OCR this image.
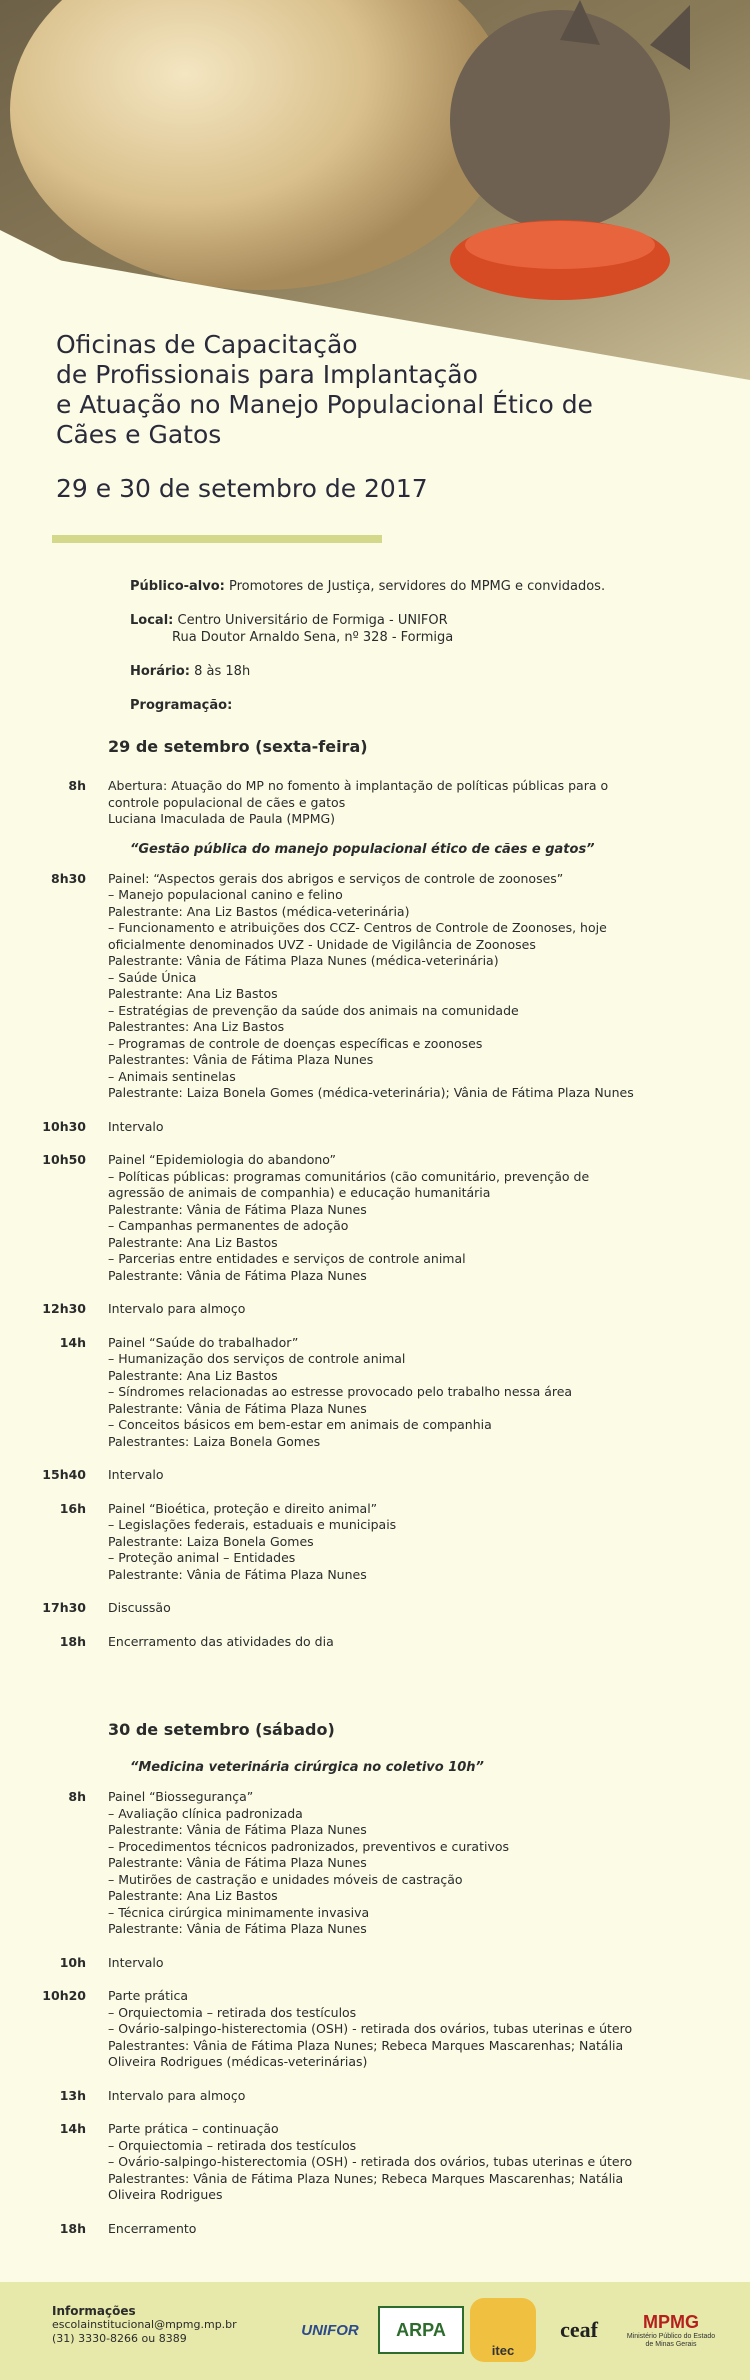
Oficinas de Capacitação
de Profissionais para Implantação
e Atuação no Manejo Populacional Ético de
Cães e Gatos
29 e 30 de setembro de 2017

Público-alvo: Promotores de Justiça, servidores do MPMG e convidados.

Local: Centro Universitário de Formiga - UNIFOR
Rua Doutor Arnaldo Sena, nº 328 - Formiga

Horário: 8 às 18h

Programação:

29 de setembro (sexta-feira)
8h	Abertura: Atuação do MP no fomento à implantação de políticas públicas para o
controle populacional de cães e gatos
Luciana Imaculada de Paula (MPMG)
“Gestão pública do manejo populacional ético de cães e gatos”
8h30	Painel: “Aspectos gerais dos abrigos e serviços de controle de zoonoses”
– Manejo populacional canino e felino
Palestrante: Ana Liz Bastos (médica-veterinária)
– Funcionamento e atribuições dos CCZ- Centros de Controle de Zoonoses, hoje
oficialmente denominados UVZ - Unidade de Vigilância de Zoonoses
Palestrante: Vânia de Fátima Plaza Nunes (médica-veterinária)
– Saúde Única
Palestrante: Ana Liz Bastos
– Estratégias de prevenção da saúde dos animais na comunidade
Palestrantes: Ana Liz Bastos
– Programas de controle de doenças específicas e zoonoses
Palestrantes: Vânia de Fátima Plaza Nunes
– Animais sentinelas
Palestrante: Laiza Bonela Gomes (médica-veterinária); Vânia de Fátima Plaza Nunes
10h30	Intervalo
10h50	Painel “Epidemiologia do abandono”
– Políticas públicas: programas comunitários (cão comunitário, prevenção de
agressão de animais de companhia) e educação humanitária
Palestrante: Vânia de Fátima Plaza Nunes
– Campanhas permanentes de adoção
Palestrante: Ana Liz Bastos
– Parcerias entre entidades e serviços de controle animal
Palestrante: Vânia de Fátima Plaza Nunes
12h30	Intervalo para almoço
14h	Painel “Saúde do trabalhador”
– Humanização dos serviços de controle animal
Palestrante: Ana Liz Bastos
– Síndromes relacionadas ao estresse provocado pelo trabalho nessa área
Palestrante: Vânia de Fátima Plaza Nunes
– Conceitos básicos em bem-estar em animais de companhia
Palestrantes: Laiza Bonela Gomes
15h40	Intervalo
16h	Painel “Bioética, proteção e direito animal”
– Legislações federais, estaduais e municipais
Palestrante: Laiza Bonela Gomes
– Proteção animal – Entidades
Palestrante: Vânia de Fátima Plaza Nunes
17h30	Discussão
18h	Encerramento das atividades do dia
30 de setembro (sábado)
“Medicina veterinária cirúrgica no coletivo 10h”
8h	Painel “Biossegurança”
– Avaliação clínica padronizada
Palestrante: Vânia de Fátima Plaza Nunes
– Procedimentos técnicos padronizados, preventivos e curativos
Palestrante: Vânia de Fátima Plaza Nunes
– Mutirões de castração e unidades móveis de castração
Palestrante: Ana Liz Bastos
– Técnica cirúrgica minimamente invasiva
Palestrante: Vânia de Fátima Plaza Nunes
10h	Intervalo
10h20	Parte prática
– Orquiectomia – retirada dos testículos
– Ovário-salpingo-histerectomia (OSH) - retirada dos ovários, tubas uterinas e útero
Palestrantes: Vânia de Fátima Plaza Nunes; Rebeca Marques Mascarenhas; Natália
Oliveira Rodrigues (médicas-veterinárias)
13h	Intervalo para almoço
14h	Parte prática – continuação
– Orquiectomia – retirada dos testículos
– Ovário-salpingo-histerectomia (OSH) - retirada dos ovários, tubas uterinas e útero
Palestrantes: Vânia de Fátima Plaza Nunes; Rebeca Marques Mascarenhas; Natália
Oliveira Rodrigues
18h	Encerramento
Informações
escolainstitucional@mpmg.mp.br
(31) 3330-8266 ou 8389	UNIFOR	ARPA
itec
ceaf	MPMG
Ministério Público do Estado de Minas Gerais
